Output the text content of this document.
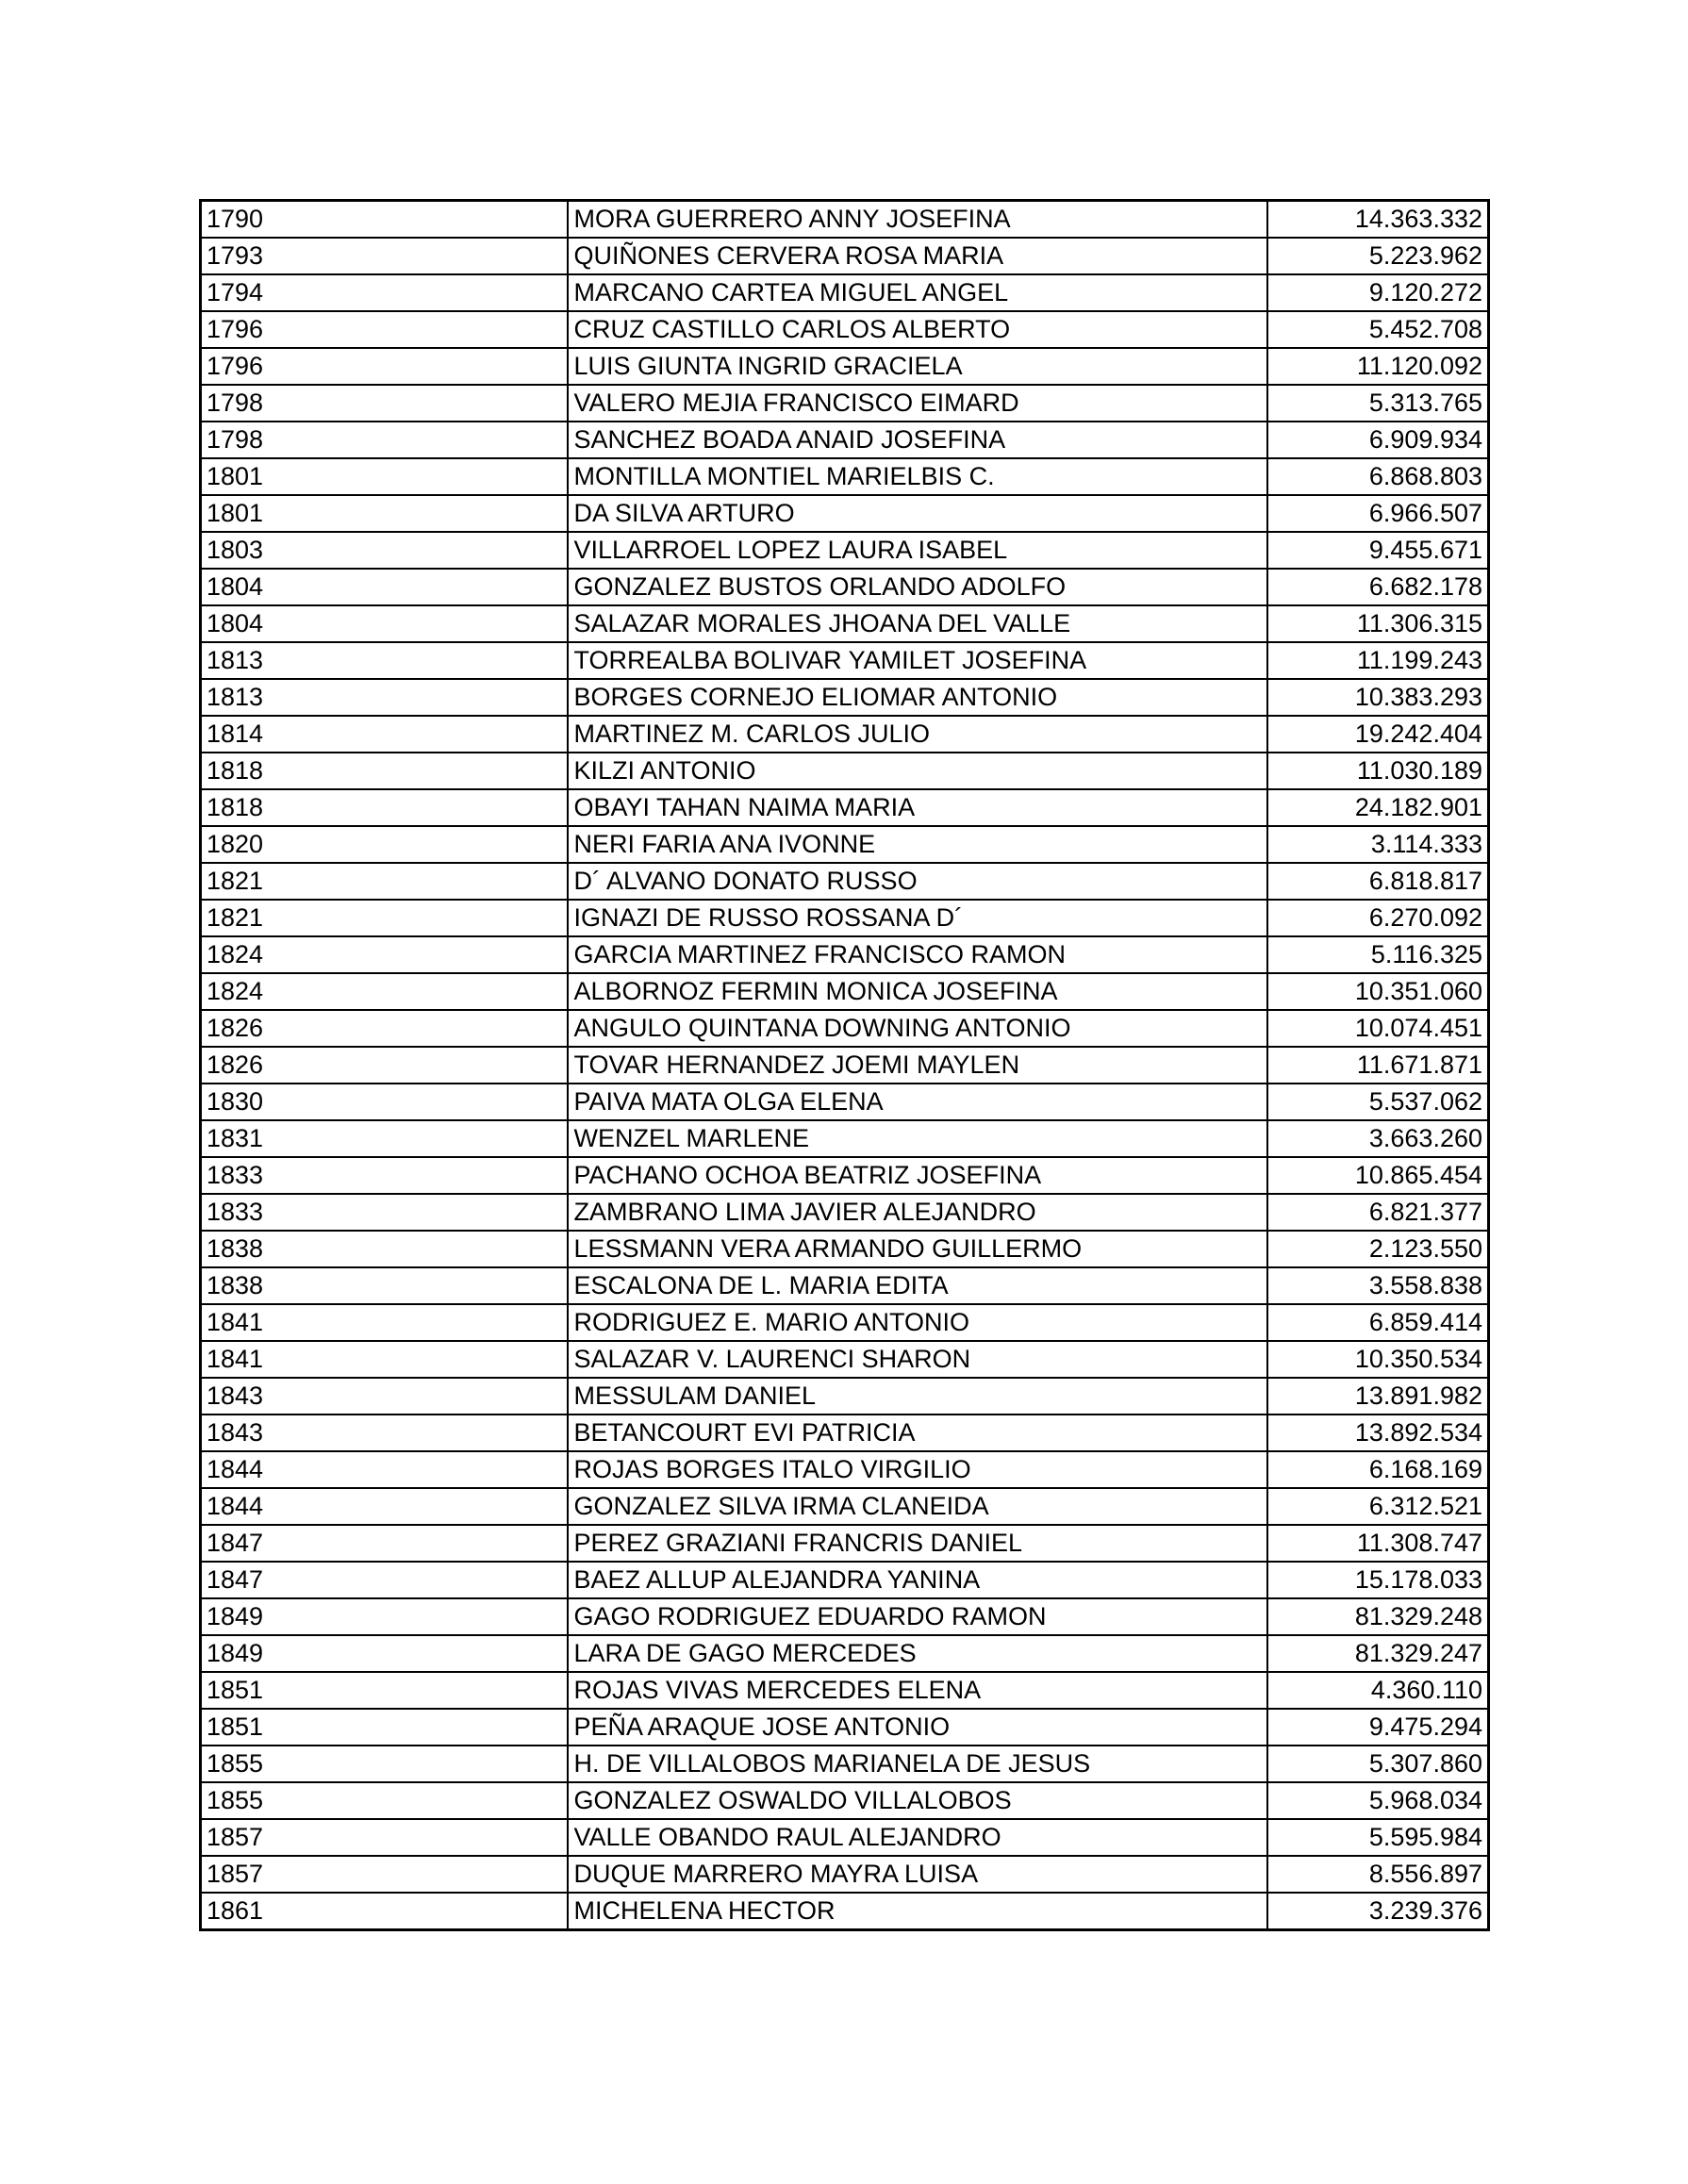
1790	MORA GUERRERO ANNY JOSEFINA	14.363.332
1793	QUIÑONES CERVERA ROSA MARIA	5.223.962
1794	MARCANO CARTEA MIGUEL ANGEL	9.120.272
1796	CRUZ CASTILLO CARLOS ALBERTO	5.452.708
1796	LUIS GIUNTA INGRID GRACIELA	11.120.092
1798	VALERO MEJIA FRANCISCO EIMARD	5.313.765
1798	SANCHEZ BOADA ANAID JOSEFINA	6.909.934
1801	MONTILLA MONTIEL MARIELBIS C.	6.868.803
1801	DA SILVA ARTURO	6.966.507
1803	VILLARROEL LOPEZ LAURA ISABEL	9.455.671
1804	GONZALEZ BUSTOS ORLANDO ADOLFO	6.682.178
1804	SALAZAR MORALES JHOANA DEL VALLE	11.306.315
1813	TORREALBA BOLIVAR YAMILET JOSEFINA	11.199.243
1813	BORGES CORNEJO ELIOMAR ANTONIO	10.383.293
1814	MARTINEZ M. CARLOS JULIO	19.242.404
1818	KILZI ANTONIO	11.030.189
1818	OBAYI TAHAN NAIMA MARIA	24.182.901
1820	NERI FARIA ANA IVONNE	3.114.333
1821	D´ ALVANO DONATO RUSSO	6.818.817
1821	IGNAZI DE RUSSO ROSSANA D´	6.270.092
1824	GARCIA MARTINEZ FRANCISCO RAMON	5.116.325
1824	ALBORNOZ FERMIN MONICA JOSEFINA	10.351.060
1826	ANGULO QUINTANA DOWNING ANTONIO	10.074.451
1826	TOVAR HERNANDEZ JOEMI MAYLEN	11.671.871
1830	PAIVA MATA OLGA ELENA	5.537.062
1831	WENZEL MARLENE	3.663.260
1833	PACHANO OCHOA BEATRIZ JOSEFINA	10.865.454
1833	ZAMBRANO LIMA JAVIER ALEJANDRO	6.821.377
1838	LESSMANN VERA ARMANDO GUILLERMO	2.123.550
1838	ESCALONA DE L. MARIA EDITA	3.558.838
1841	RODRIGUEZ E. MARIO ANTONIO	6.859.414
1841	SALAZAR V. LAURENCI SHARON	10.350.534
1843	MESSULAM DANIEL	13.891.982
1843	BETANCOURT EVI PATRICIA	13.892.534
1844	ROJAS BORGES ITALO VIRGILIO	6.168.169
1844	GONZALEZ SILVA IRMA CLANEIDA	6.312.521
1847	PEREZ GRAZIANI FRANCRIS DANIEL	11.308.747
1847	BAEZ ALLUP ALEJANDRA YANINA	15.178.033
1849	GAGO RODRIGUEZ EDUARDO RAMON	81.329.248
1849	LARA DE GAGO MERCEDES	81.329.247
1851	ROJAS VIVAS MERCEDES ELENA	4.360.110
1851	PEÑA ARAQUE JOSE ANTONIO	9.475.294
1855	H. DE VILLALOBOS MARIANELA DE JESUS	5.307.860
1855	GONZALEZ OSWALDO VILLALOBOS	5.968.034
1857	VALLE OBANDO RAUL ALEJANDRO	5.595.984
1857	DUQUE MARRERO MAYRA LUISA	8.556.897
1861	MICHELENA HECTOR	3.239.376
